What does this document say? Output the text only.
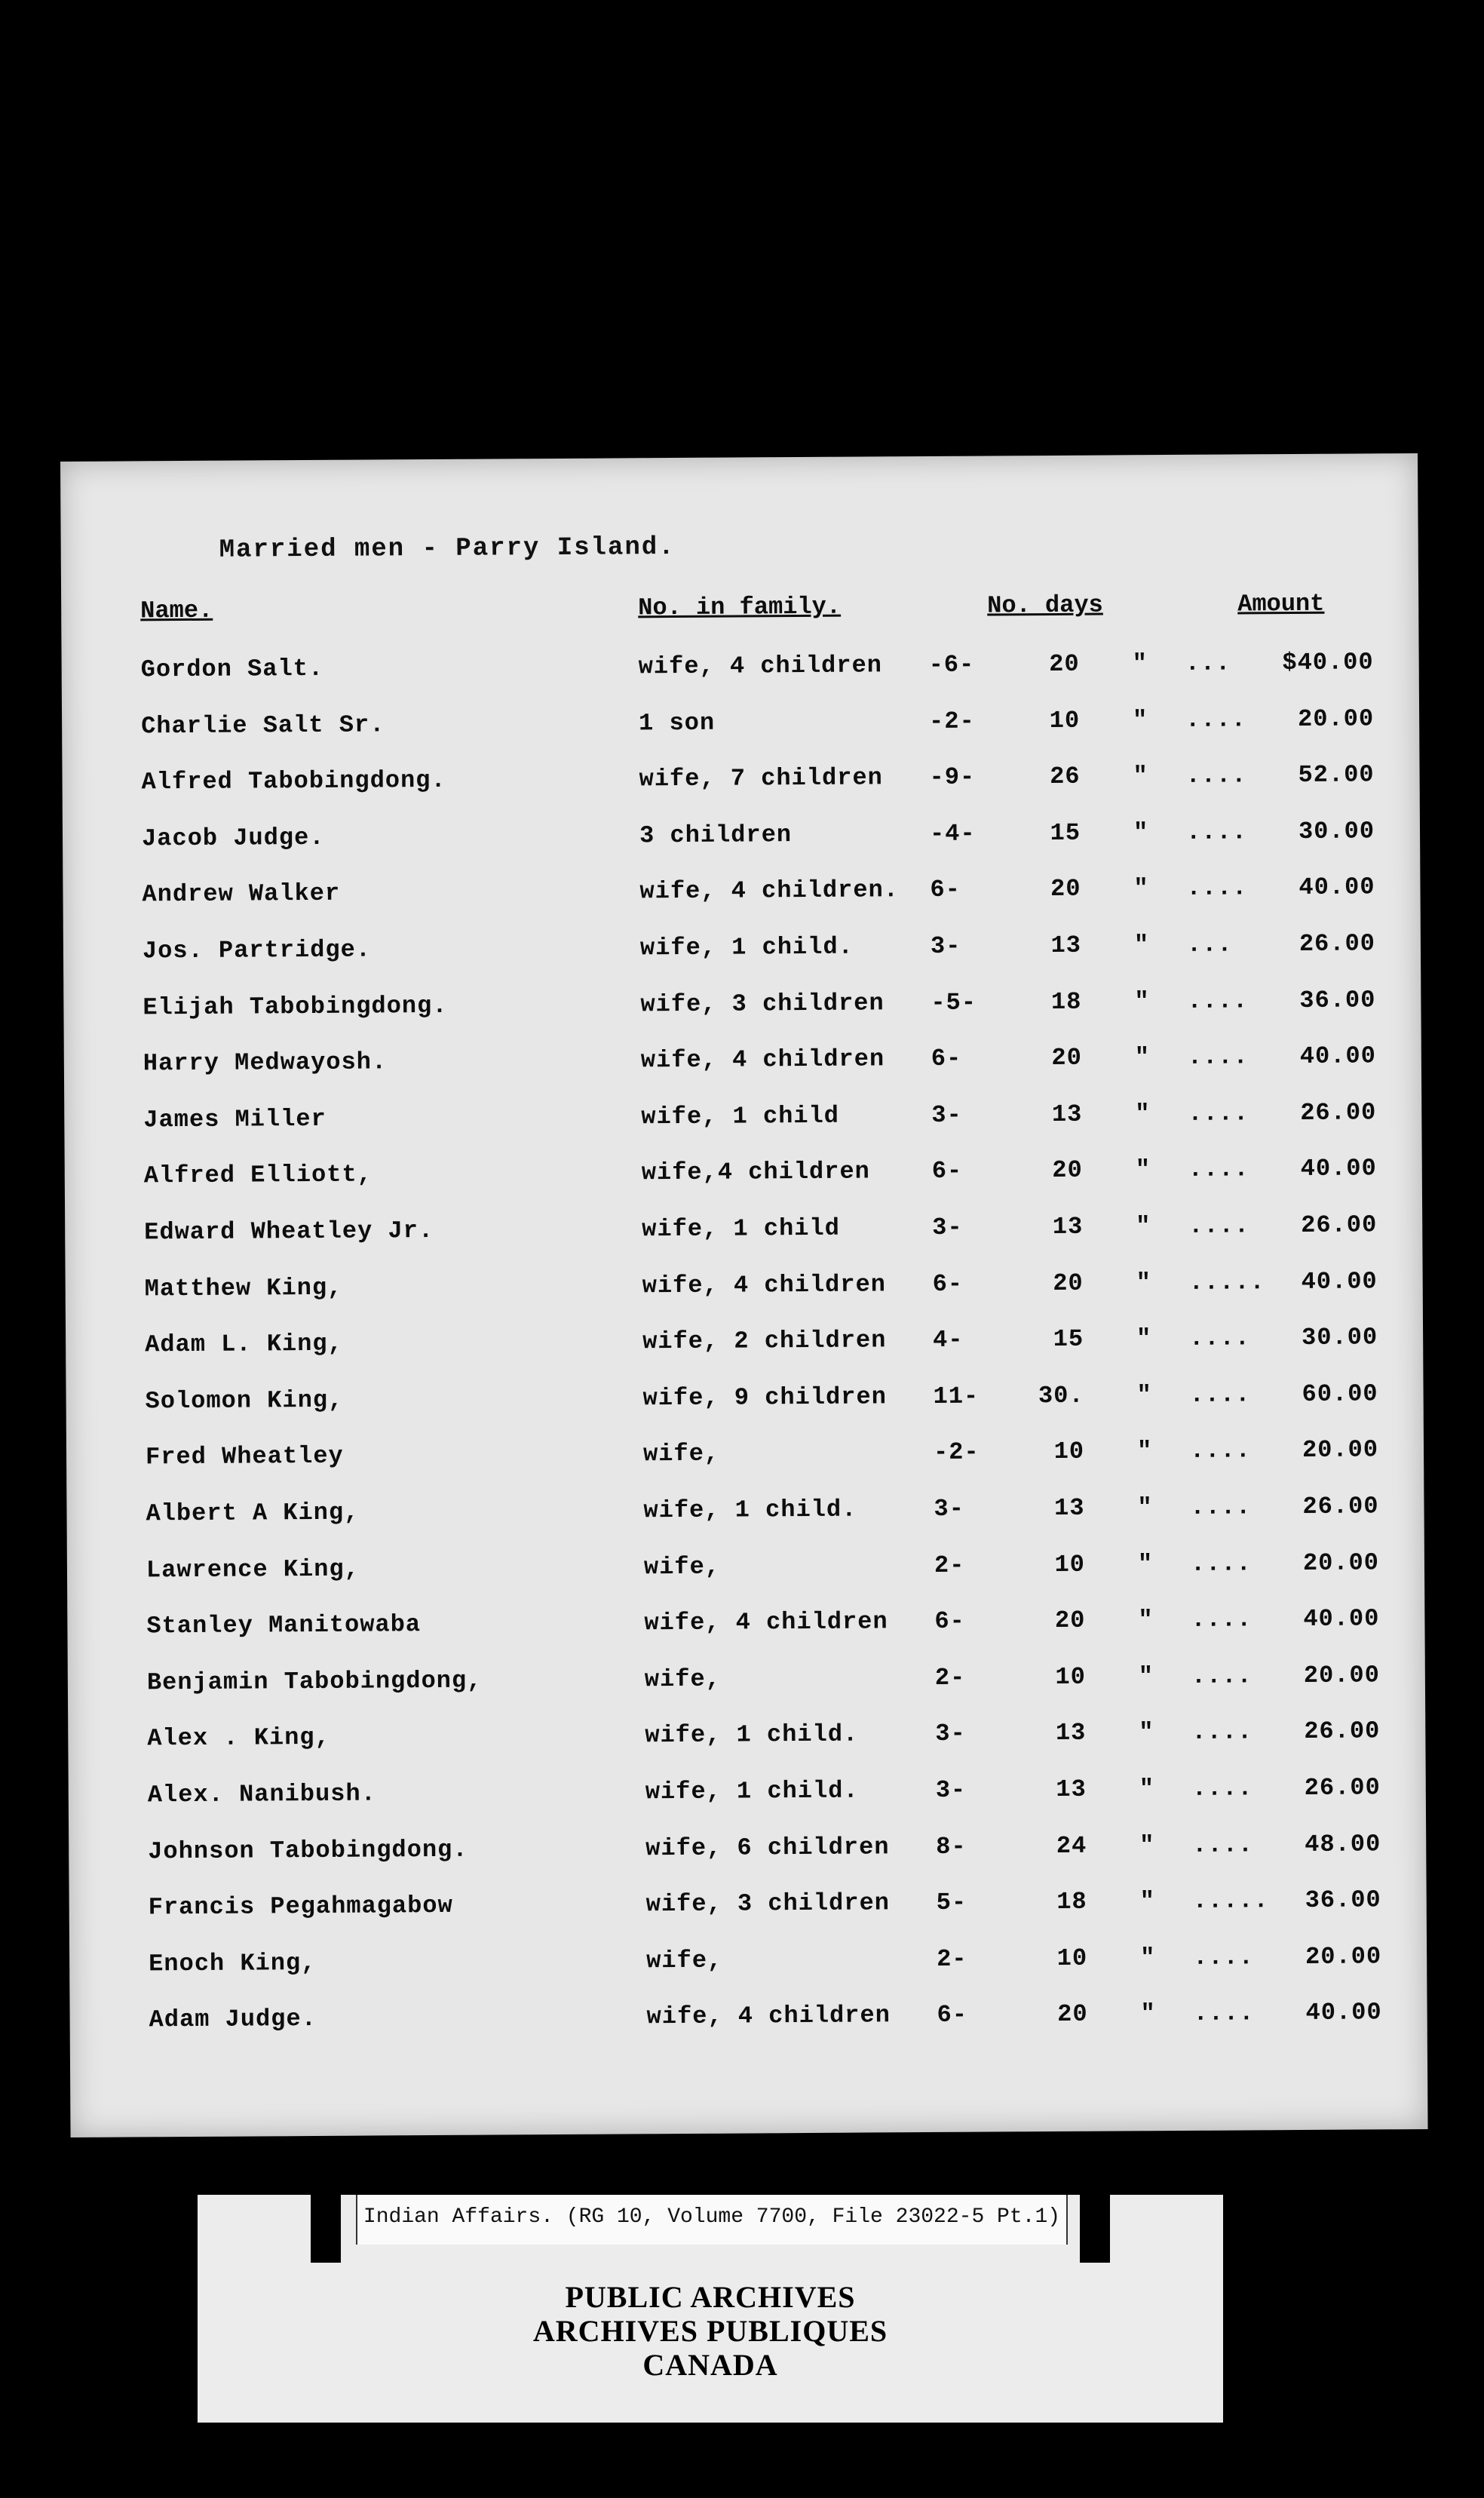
Married men - Parry Island.
Name.	No. in family.	No. days	Amount
Gordon Salt.	wife, 4 children -6-	20 " ...	$40.00
Charlie Salt Sr.	1 son	-2-	10 " ....	20.00
Alfred Tabobingdong.	wife, 7 children -9-	26 " ....	52.00
Jacob Judge.	3 children	-4-	15 " ....	30.00
Andrew Walker	wife, 4 children. 6-	20 " ....	40.00
Jos. Partridge.	wife, 1 child.	3-	13 " ...	26.00
Elijah Tabobingdong.	wife, 3 children -5-	18 " ....	36.00
Harry Medwayosh.	wife, 4 children 6-	20 " ....	40.00
James Miller	wife, 1 child	3-	13 " ....	26.00
Alfred Elliott,	wife,4 children	6-	20 " ....	40.00
Edward Wheatley Jr.	wife, 1 child	3-	13 " ....	26.00
Matthew King,	wife, 4 children 6-	20 " .....	40.00
Adam L. King,	wife, 2 children 4-	15 " ....	30.00
Solomon King,	wife, 9 children 11-	30. " ....	60.00
Fred Wheatley	wife,	-2-	10 " ....	20.00
Albert A King,	wife, 1 child.	3-	13 " ....	26.00
Lawrence King,	wife,	2-	10 " ....	20.00
Stanley Manitowaba	wife, 4 children 6-	20 " ....	40.00
Benjamin Tabobingdong,	wife,	2-	10 " ....	20.00
Alex . King,	wife, 1 child.	3-	13 " ....	26.00
Alex. Nanibush.	wife, 1 child.	3-	13 " ....	26.00
Johnson Tabobingdong.	wife, 6 children 8-	24 " ....	48.00
Francis Pegahmagabow	wife, 3 children 5-	18 " .....	36.00
Enoch King,	wife,	2-	10 " ....	20.00
Adam Judge.	wife, 4 children 6-	20 " ....	40.00
Indian Affairs. (RG 10, Volume 7700, File 23022-5 Pt.1)
PUBLIC ARCHIVES
ARCHIVES PUBLIQUES
CANADA
